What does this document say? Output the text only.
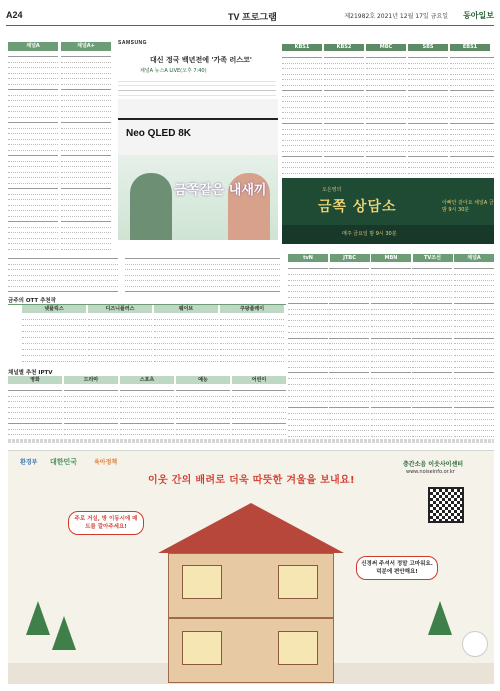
A24	TV 프로그램	제21982호 2021년 12월 17일 금요일 동아일보
채널A	채널A+	SAMSUNG
대신 정국 백년전에 '가족 러스코'
채널A 뉴스A LIVE(오후 7:40)
Neo QLED 8K
금쪽같은 내새끼
KBS1	KBS2	MBC	SBS	EBS1
오은영의
금쪽 상담소	아빠만 같아요 채널A 금 밤 9시 30분
매주 금요일 밤 9시 30분
tvN	JTBC	MBN	TV조선	채널A
금주의 OTT 추천작
넷플릭스	디즈니플러스	웨이브	쿠팡플레이
채널별 추천 IPTV
영화	드라마	스포츠	예능	어린이
환경부 대한민국	육아정책	층간소음 이웃사이센터
www.noiseinfo.or.kr
이웃 간의 배려로 더욱 따뜻한 겨울을 보내요!
주로 거실, 방 이동시에 매트를 깔아주세요!
신경써 주셔서 정말 고마워요. 덕분에 편안해요!
